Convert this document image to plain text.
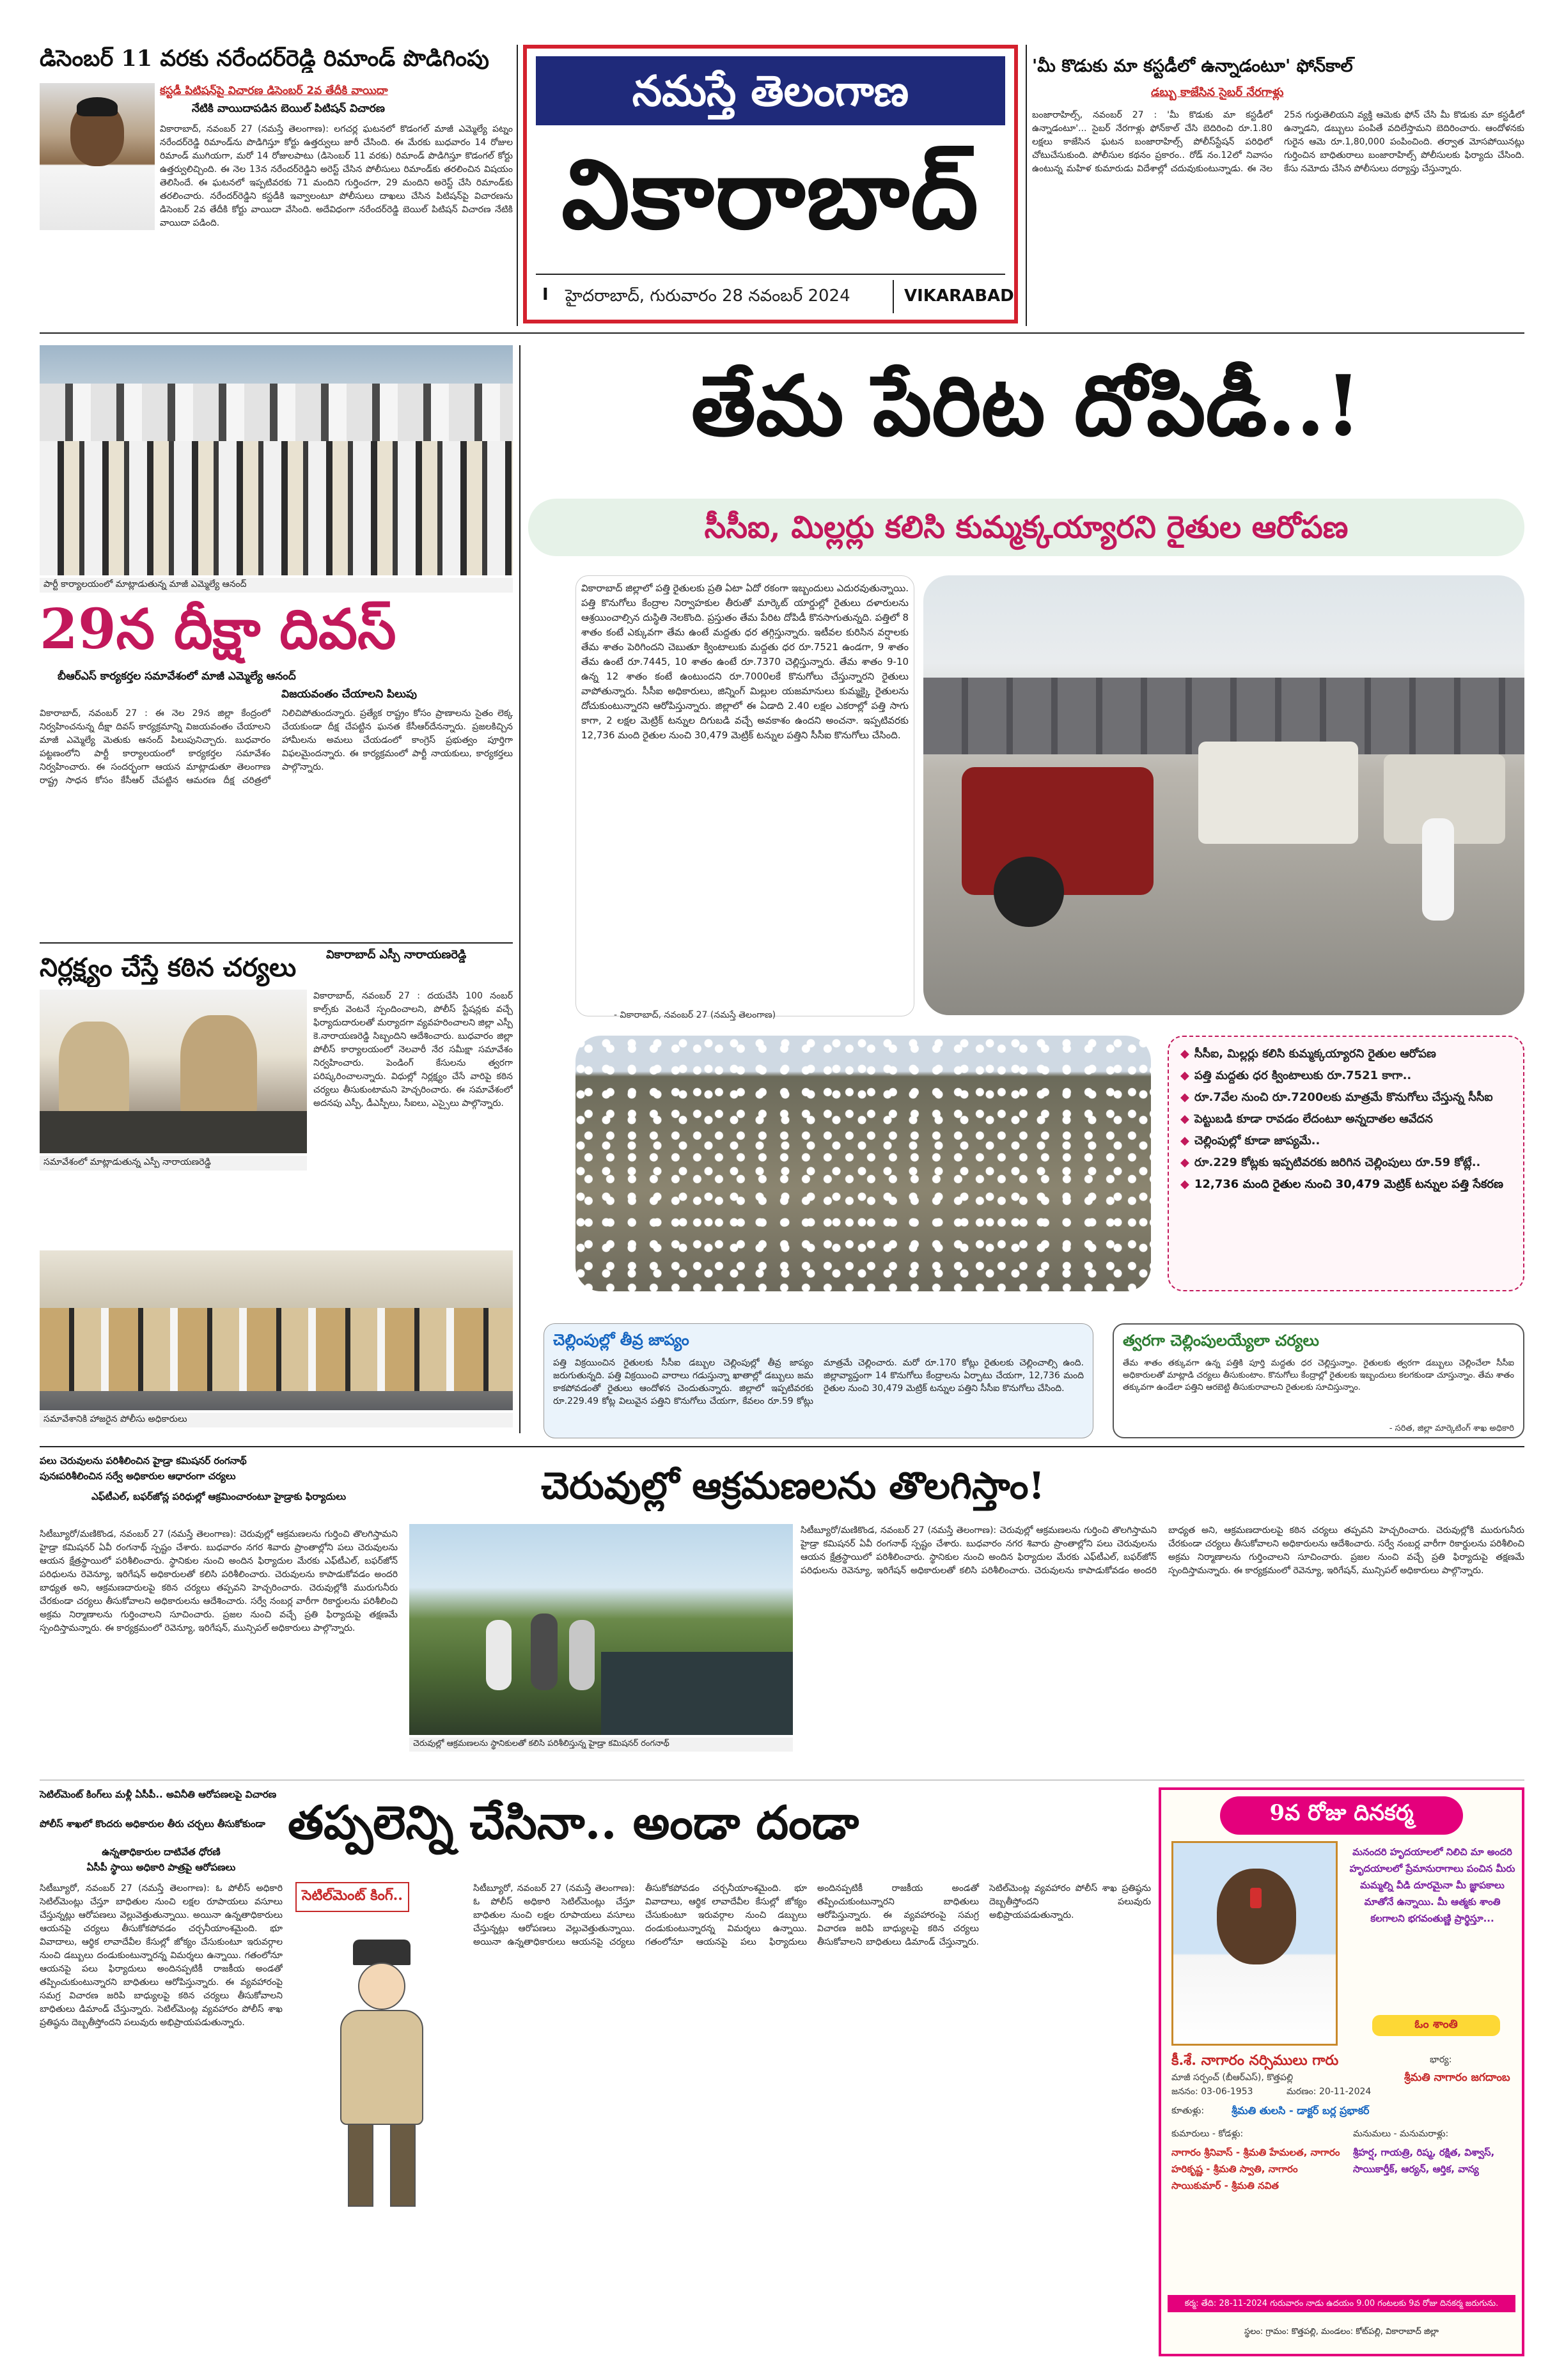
నమస్తే తెలంగాణ
వికారాబాద్
I హైదరాబాద్, గురువారం 28 నవంబర్ 2024	VIKARABAD
డిసెంబర్ 11 వరకు నరేందర్‌రెడ్డి రిమాండ్ పొడిగింపు
కస్టడీ పిటిషన్‌పై విచారణ డిసెంబర్ 2వ తేదీకి వాయిదా
నేటికి వాయిదాపడిన బెయిల్ పిటిషన్ విచారణ
వికారాబాద్, నవంబర్ 27 (నమస్తే తెలంగాణ): లగచర్ల ఘటనలో కొడంగల్ మాజీ ఎమ్మెల్యే పట్నం నరేందర్‌రెడ్డి రిమాండ్‌ను పొడిగిస్తూ కోర్టు ఉత్తర్వులు జారీ చేసింది. ఈ మేరకు బుధవారం 14 రోజుల రిమాండ్ ముగియగా, మరో 14 రోజులపాటు (డిసెంబర్ 11 వరకు) రిమాండ్ పొడిగిస్తూ కొడంగల్ కోర్టు ఉత్తర్వులిచ్చింది. ఈ నెల 13న నరేందర్‌రెడ్డిని అరెస్ట్ చేసిన పోలీసులు రిమాండ్‌కు తరలించిన విషయం తెలిసిందే. ఈ ఘటనలో ఇప్పటివరకు 71 మందిని గుర్తించగా, 29 మందిని అరెస్ట్ చేసి రిమాండ్‌కు తరలించారు. నరేందర్‌రెడ్డిని కస్టడీకి ఇవ్వాలంటూ పోలీసులు దాఖలు చేసిన పిటిషన్‌పై విచారణను డిసెంబర్ 2వ తేదీకి కోర్టు వాయిదా వేసింది. అదేవిధంగా నరేందర్‌రెడ్డి బెయిల్ పిటిషన్ విచారణ నేటికి వాయిదా పడింది.
'మీ కొడుకు మా కస్టడీలో ఉన్నాడంటూ' ఫోన్‌కాల్
డబ్బు కాజేసిన సైబర్ నేరగాళ్లు
బంజారాహిల్స్, నవంబర్ 27 : 'మీ కొడుకు మా కస్టడీలో ఉన్నాడంటూ'... సైబర్ నేరగాళ్లు ఫోన్‌కాల్ చేసి బెదిరించి రూ.1.80 లక్షలు కాజేసిన ఘటన బంజారాహిల్స్ పోలీస్‌స్టేషన్ పరిధిలో చోటుచేసుకుంది. పోలీసుల కథనం ప్రకారం.. రోడ్ నం.12లో నివాసం ఉంటున్న మహిళ కుమారుడు విదేశాల్లో చదువుకుంటున్నాడు. ఈ నెల 25న గుర్తుతెలియని వ్యక్తి ఆమెకు ఫోన్ చేసి మీ కొడుకు మా కస్టడీలో ఉన్నాడని, డబ్బులు పంపితే వదిలేస్తామని బెదిరించారు. ఆందోళనకు గురైన ఆమె రూ.1,80,000 పంపించింది. తర్వాత మోసపోయినట్లు గుర్తించిన బాధితురాలు బంజారాహిల్స్ పోలీసులకు ఫిర్యాదు చేసింది. కేసు నమోదు చేసిన పోలీసులు దర్యాప్తు చేస్తున్నారు.
పార్టీ కార్యాలయంలో మాట్లాడుతున్న మాజీ ఎమ్మెల్యే ఆనంద్
29న దీక్షా దివస్
బీఆర్ఎస్ కార్యకర్తల సమావేశంలో మాజీ ఎమ్మెల్యే ఆనంద్
విజయవంతం చేయాలని పిలుపు
వికారాబాద్, నవంబర్ 27 : ఈ నెల 29న జిల్లా కేంద్రంలో నిర్వహించనున్న దీక్షా దివస్ కార్యక్రమాన్ని విజయవంతం చేయాలని మాజీ ఎమ్మెల్యే మెతుకు ఆనంద్ పిలుపునిచ్చారు. బుధవారం పట్టణంలోని పార్టీ కార్యాలయంలో కార్యకర్తల సమావేశం నిర్వహించారు. ఈ సందర్భంగా ఆయన మాట్లాడుతూ తెలంగాణ రాష్ట్ర సాధన కోసం కేసీఆర్ చేపట్టిన ఆమరణ దీక్ష చరిత్రలో నిలిచిపోతుందన్నారు. ప్రత్యేక రాష్ట్రం కోసం ప్రాణాలను సైతం లెక్క చేయకుండా దీక్ష చేపట్టిన ఘనత కేసీఆర్‌దేనన్నారు. ప్రజలకిచ్చిన హామీలను అమలు చేయడంలో కాంగ్రెస్ ప్రభుత్వం పూర్తిగా విఫలమైందన్నారు. ఈ కార్యక్రమంలో పార్టీ నాయకులు, కార్యకర్తలు పాల్గొన్నారు.
నిర్లక్ష్యం చేస్తే కఠిన చర్యలు	వికారాబాద్ ఎస్పీ నారాయణరెడ్డి
సమావేశంలో మాట్లాడుతున్న ఎస్పీ నారాయణరెడ్డి
వికారాబాద్, నవంబర్ 27 : దయచేసి 100 నంబర్ కాల్స్‌కు వెంటనే స్పందించాలని, పోలీస్ స్టేషన్లకు వచ్చే ఫిర్యాదుదారులతో మర్యాదగా వ్యవహరించాలని జిల్లా ఎస్పీ కె.నారాయణరెడ్డి సిబ్బందిని ఆదేశించారు. బుధవారం జిల్లా పోలీస్ కార్యాలయంలో నెలవారీ నేర సమీక్షా సమావేశం నిర్వహించారు. పెండింగ్ కేసులను త్వరగా పరిష్కరించాలన్నారు. విధుల్లో నిర్లక్ష్యం చేసే వారిపై కఠిన చర్యలు తీసుకుంటామని హెచ్చరించారు. ఈ సమావేశంలో అదనపు ఎస్పీ, డీఎస్పీలు, సీఐలు, ఎస్సైలు పాల్గొన్నారు.
సమావేశానికి హాజరైన పోలీసు అధికారులు
తేమ పేరిట దోపిడీ..!
సీసీఐ, మిల్లర్లు కలిసి కుమ్మక్కయ్యారని రైతుల ఆరోపణ
వికారాబాద్ జిల్లాలో పత్తి రైతులకు ప్రతి ఏటా ఏదో రకంగా ఇబ్బందులు ఎదురవుతున్నాయి. పత్తి కొనుగోలు కేంద్రాల నిర్వాహకుల తీరుతో మార్కెట్ యార్డుల్లో రైతులు దళారులను ఆశ్రయించాల్సిన దుస్థితి నెలకొంది. ప్రస్తుతం తేమ పేరిట దోపిడీ కొనసాగుతున్నది. పత్తిలో 8 శాతం కంటే ఎక్కువగా తేమ ఉంటే మద్దతు ధర తగ్గిస్తున్నారు. ఇటీవల కురిసిన వర్షాలకు తేమ శాతం పెరిగిందని చెబుతూ క్వింటాలుకు మద్దతు ధర రూ.7521 ఉండగా, 9 శాతం తేమ ఉంటే రూ.7445, 10 శాతం ఉంటే రూ.7370 చెల్లిస్తున్నారు. తేమ శాతం 9-10 ఉన్న 12 శాతం కంటే ఉంటుందని రూ.7000లకే కొనుగోలు చేస్తున్నారని రైతులు వాపోతున్నారు. సీసీఐ అధికారులు, జిన్నింగ్ మిల్లుల యజమానులు కుమ్మక్కై రైతులను దోచుకుంటున్నారని ఆరోపిస్తున్నారు. జిల్లాలో ఈ ఏడాది 2.40 లక్షల ఎకరాల్లో పత్తి సాగు కాగా, 2 లక్షల మెట్రిక్ టన్నుల దిగుబడి వచ్చే అవకాశం ఉందని అంచనా. ఇప్పటివరకు 12,736 మంది రైతుల నుంచి 30,479 మెట్రిక్ టన్నుల పత్తిని సీసీఐ కొనుగోలు చేసింది.
- వికారాబాద్, నవంబర్ 27 (నమస్తే తెలంగాణ)
◆ సీసీఐ, మిల్లర్లు కలిసి కుమ్మక్కయ్యారని రైతుల ఆరోపణ
◆ పత్తి మద్దతు ధర క్వింటాలుకు రూ.7521 కాగా..
◆ రూ.7వేల నుంచి రూ.7200లకు మాత్రమే కొనుగోలు చేస్తున్న సీసీఐ
◆ పెట్టుబడి కూడా రావడం లేదంటూ అన్నదాతల ఆవేదన
◆ చెల్లింపుల్లో కూడా జాప్యమే..
◆ రూ.229 కోట్లకు ఇప్పటివరకు జరిగిన చెల్లింపులు రూ.59 కోట్లే..
◆ 12,736 మంది రైతుల నుంచి 30,479 మెట్రిక్ టన్నుల పత్తి సేకరణ
చెల్లింపుల్లో తీవ్ర జాప్యం
పత్తి విక్రయించిన రైతులకు సీసీఐ డబ్బుల చెల్లింపుల్లో తీవ్ర జాప్యం జరుగుతున్నది. పత్తి విక్రయించి వారాలు గడుస్తున్నా ఖాతాల్లో డబ్బులు జమ కాకపోవడంతో రైతులు ఆందోళన చెందుతున్నారు. జిల్లాలో ఇప్పటివరకు రూ.229.49 కోట్ల విలువైన పత్తిని కొనుగోలు చేయగా, కేవలం రూ.59 కోట్లు మాత్రమే చెల్లించారు. మరో రూ.170 కోట్లు రైతులకు చెల్లించాల్సి ఉంది. జిల్లావ్యాప్తంగా 14 కొనుగోలు కేంద్రాలను ఏర్పాటు చేయగా, 12,736 మంది రైతుల నుంచి 30,479 మెట్రిక్ టన్నుల పత్తిని సీసీఐ కొనుగోలు చేసింది.
త్వరగా చెల్లింపులయ్యేలా చర్యలు
తేమ శాతం తక్కువగా ఉన్న పత్తికి పూర్తి మద్దతు ధర చెల్లిస్తున్నాం. రైతులకు త్వరగా డబ్బులు చెల్లించేలా సీసీఐ అధికారులతో మాట్లాడి చర్యలు తీసుకుంటాం. కొనుగోలు కేంద్రాల్లో రైతులకు ఇబ్బందులు కలగకుండా చూస్తున్నాం. తేమ శాతం తక్కువగా ఉండేలా పత్తిని ఆరబెట్టి తీసుకురావాలని రైతులకు సూచిస్తున్నాం.
- సరిత, జిల్లా మార్కెటింగ్ శాఖ అధికారి
పలు చెరువులను పరిశీలించిన హైడ్రా కమిషనర్ రంగనాథ్
పునఃపరిశీలించిన సర్వే అధికారుల ఆధారంగా చర్యలు
ఎఫ్‌టీఎల్, బఫర్‌జోన్ల పరిధుల్లో ఆక్రమించారంటూ హైడ్రాకు ఫిర్యాదులు	చెరువుల్లో ఆక్రమణలను తొలగిస్తాం!
సిటీబ్యూరో/మణికొండ, నవంబర్ 27 (నమస్తే తెలంగాణ): చెరువుల్లో ఆక్రమణలను గుర్తించి తొలగిస్తామని హైడ్రా కమిషనర్ ఏవీ రంగనాథ్ స్పష్టం చేశారు. బుధవారం నగర శివారు ప్రాంతాల్లోని పలు చెరువులను ఆయన క్షేత్రస్థాయిలో పరిశీలించారు. స్థానికుల నుంచి అందిన ఫిర్యాదుల మేరకు ఎఫ్‌టీఎల్, బఫర్‌జోన్ పరిధులను రెవెన్యూ, ఇరిగేషన్ అధికారులతో కలిసి పరిశీలించారు. చెరువులను కాపాడుకోవడం అందరి బాధ్యత అని, ఆక్రమణదారులపై కఠిన చర్యలు తప్పవని హెచ్చరించారు. చెరువుల్లోకి మురుగునీరు చేరకుండా చర్యలు తీసుకోవాలని అధికారులను ఆదేశించారు. సర్వే నంబర్ల వారీగా రికార్డులను పరిశీలించి అక్రమ నిర్మాణాలను గుర్తించాలని సూచించారు. ప్రజల నుంచి వచ్చే ప్రతి ఫిర్యాదుపై తక్షణమే స్పందిస్తామన్నారు. ఈ కార్యక్రమంలో రెవెన్యూ, ఇరిగేషన్, మున్సిపల్ అధికారులు పాల్గొన్నారు.
చెరువుల్లో ఆక్రమణలను స్థానికులతో కలిసి పరిశీలిస్తున్న హైడ్రా కమిషనర్ రంగనాథ్
సిటీబ్యూరో/మణికొండ, నవంబర్ 27 (నమస్తే తెలంగాణ): చెరువుల్లో ఆక్రమణలను గుర్తించి తొలగిస్తామని హైడ్రా కమిషనర్ ఏవీ రంగనాథ్ స్పష్టం చేశారు. బుధవారం నగర శివారు ప్రాంతాల్లోని పలు చెరువులను ఆయన క్షేత్రస్థాయిలో పరిశీలించారు. స్థానికుల నుంచి అందిన ఫిర్యాదుల మేరకు ఎఫ్‌టీఎల్, బఫర్‌జోన్ పరిధులను రెవెన్యూ, ఇరిగేషన్ అధికారులతో కలిసి పరిశీలించారు. చెరువులను కాపాడుకోవడం అందరి బాధ్యత అని, ఆక్రమణదారులపై కఠిన చర్యలు తప్పవని హెచ్చరించారు. చెరువుల్లోకి మురుగునీరు చేరకుండా చర్యలు తీసుకోవాలని అధికారులను ఆదేశించారు. సర్వే నంబర్ల వారీగా రికార్డులను పరిశీలించి అక్రమ నిర్మాణాలను గుర్తించాలని సూచించారు. ప్రజల నుంచి వచ్చే ప్రతి ఫిర్యాదుపై తక్షణమే స్పందిస్తామన్నారు. ఈ కార్యక్రమంలో రెవెన్యూ, ఇరిగేషన్, మున్సిపల్ అధికారులు పాల్గొన్నారు.
సెటిల్‌మెంట్ కింగ్‌లు మళ్లీ ఏసీపీ.. అవినీతి ఆరోపణలపై విచారణ
పోలీస్ శాఖలో కొందరు అధికారుల తీరు చర్చలు తీసుకోకుండా
ఉన్నతాధికారుల దాటివేత ధోరణి
ఏసీపీ స్థాయి అధికారి పాత్రపై ఆరోపణలు
తప్పలెన్ని చేసినా.. అండా దండా
సిటీబ్యూరో, నవంబర్ 27 (నమస్తే తెలంగాణ): ఓ పోలీస్ అధికారి సెటిల్‌మెంట్లు చేస్తూ బాధితుల నుంచి లక్షల రూపాయలు వసూలు చేస్తున్నట్లు ఆరోపణలు వెల్లువెత్తుతున్నాయి. అయినా ఉన్నతాధికారులు ఆయనపై చర్యలు తీసుకోకపోవడం చర్చనీయాంశమైంది. భూ వివాదాలు, ఆర్థిక లావాదేవీల కేసుల్లో జోక్యం చేసుకుంటూ ఇరువర్గాల నుంచి డబ్బులు దండుకుంటున్నారన్న విమర్శలు ఉన్నాయి. గతంలోనూ ఆయనపై పలు ఫిర్యాదులు అందినప్పటికీ రాజకీయ అండతో తప్పించుకుంటున్నారని బాధితులు ఆరోపిస్తున్నారు. ఈ వ్యవహారంపై సమగ్ర విచారణ జరిపి బాధ్యులపై కఠిన చర్యలు తీసుకోవాలని బాధితులు డిమాండ్ చేస్తున్నారు. సెటిల్‌మెంట్ల వ్యవహారం పోలీస్ శాఖ ప్రతిష్ఠను దెబ్బతీస్తోందని పలువురు అభిప్రాయపడుతున్నారు.
సెటిల్‌మెంట్ కింగ్..	సిటీబ్యూరో, నవంబర్ 27 (నమస్తే తెలంగాణ): ఓ పోలీస్ అధికారి సెటిల్‌మెంట్లు చేస్తూ బాధితుల నుంచి లక్షల రూపాయలు వసూలు చేస్తున్నట్లు ఆరోపణలు వెల్లువెత్తుతున్నాయి. అయినా ఉన్నతాధికారులు ఆయనపై చర్యలు తీసుకోకపోవడం చర్చనీయాంశమైంది. భూ వివాదాలు, ఆర్థిక లావాదేవీల కేసుల్లో జోక్యం చేసుకుంటూ ఇరువర్గాల నుంచి డబ్బులు దండుకుంటున్నారన్న విమర్శలు ఉన్నాయి. గతంలోనూ ఆయనపై పలు ఫిర్యాదులు అందినప్పటికీ రాజకీయ అండతో తప్పించుకుంటున్నారని బాధితులు ఆరోపిస్తున్నారు. ఈ వ్యవహారంపై సమగ్ర విచారణ జరిపి బాధ్యులపై కఠిన చర్యలు తీసుకోవాలని బాధితులు డిమాండ్ చేస్తున్నారు. సెటిల్‌మెంట్ల వ్యవహారం పోలీస్ శాఖ ప్రతిష్ఠను దెబ్బతీస్తోందని పలువురు అభిప్రాయపడుతున్నారు.
9వ రోజు దినకర్మ
మనందరి హృదయాలలో నిలిచి మా అందరి హృదయాలలో ప్రేమానురాగాలు పంచిన మీరు మమ్మల్ని వీడి దూరమైనా మీ జ్ఞాపకాలు మాతోనే ఉన్నాయి. మీ ఆత్మకు శాంతి కలగాలని భగవంతుణ్ణి ప్రార్థిస్తూ...
ఓం శాంతి
కీ.శే. నాగారం నర్సిములు గారు
మాజీ సర్పంచ్ (బీఆర్ఎస్), కొత్తపల్లి
జననం: 03-06-1953	మరణం: 20-11-2024
భార్య:
శ్రీమతి నాగారం జగదాంబ
కూతుళ్లు:	శ్రీమతి తులసి - డాక్టర్ బర్ల ప్రభాకర్
కుమారులు - కోడళ్లు:
నాగారం శ్రీనివాస్ - శ్రీమతి హేమలత, నాగారం హరికృష్ణ - శ్రీమతి స్వాతి, నాగారం సాయికుమార్ - శ్రీమతి నవిత
మనుమలు - మనుమరాళ్లు:
శ్రీహర్ష, గాయత్రి, రిష్మ, రక్షిత, విశ్వాస్, సాయికార్తీక్, ఆర్యన్, ఆర్తిక, వాన్య
కర్మ: తేది: 28-11-2024 గురువారం నాడు ఉదయం 9.00 గంటలకు 9వ రోజు దినకర్మ జరుగును.
స్థలం: గ్రామం: కొత్తపల్లి, మండలం: కోట్‌పల్లి, వికారాబాద్ జిల్లా
